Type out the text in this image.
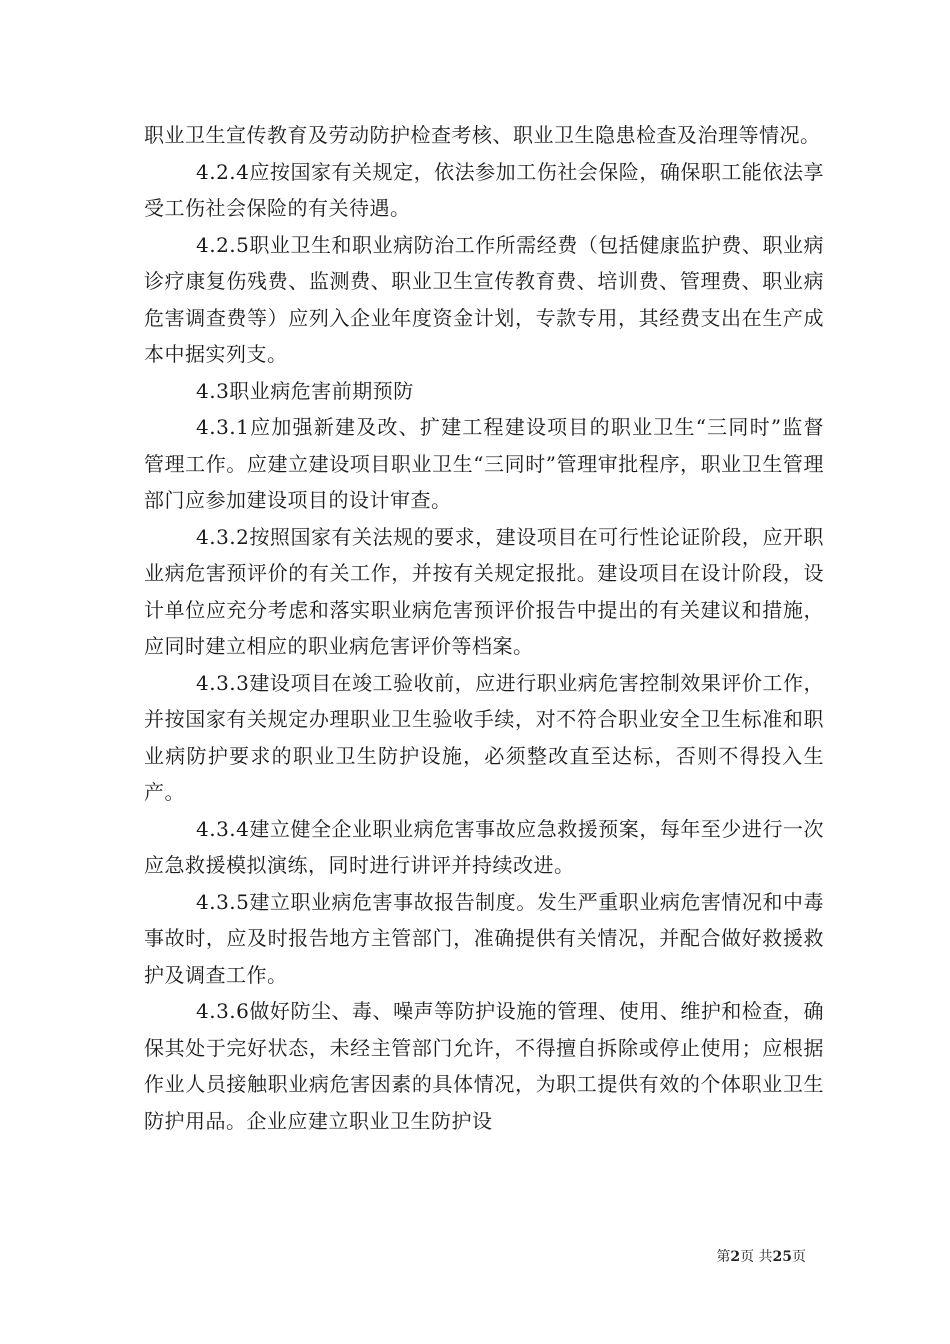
职业卫生宣传教育及劳动防护检查考核、职业卫生隐患检查及治理等情况。

4.2.4应按国家有关规定，依法参加工伤社会保险，确保职工能依法享受工伤社会保险的有关待遇。

4.2.5职业卫生和职业病防治工作所需经费（包括健康监护费、职业病诊疗康复伤残费、监测费、职业卫生宣传教育费、培训费、管理费、职业病危害调查费等）应列入企业年度资金计划，专款专用，其经费支出在生产成本中据实列支。

4.3职业病危害前期预防

4.3.1应加强新建及改、扩建工程建设项目的职业卫生“三同时”监督管理工作。应建立建设项目职业卫生“三同时”管理审批程序，职业卫生管理部门应参加建设项目的设计审查。

4.3.2按照国家有关法规的要求，建设项目在可行性论证阶段，应开职业病危害预评价的有关工作，并按有关规定报批。建设项目在设计阶段，设计单位应充分考虑和落实职业病危害预评价报告中提出的有关建议和措施，应同时建立相应的职业病危害评价等档案。

4.3.3建设项目在竣工验收前，应进行职业病危害控制效果评价工作，并按国家有关规定办理职业卫生验收手续，对不符合职业安全卫生标准和职业病防护要求的职业卫生防护设施，必须整改直至达标，否则不得投入生产。

4.3.4建立健全企业职业病危害事故应急救援预案，每年至少进行一次应急救援模拟演练，同时进行讲评并持续改进。

4.3.5建立职业病危害事故报告制度。发生严重职业病危害情况和中毒事故时，应及时报告地方主管部门，准确提供有关情况，并配合做好救援救护及调查工作。

4.3.6做好防尘、毒、噪声等防护设施的管理、使用、维护和检查，确保其处于完好状态，未经主管部门允许，不得擅自拆除或停止使用；应根据作业人员接触职业病危害因素的具体情况，为职工提供有效的个体职业卫生防护用品。企业应建立职业卫生防护设

第2页 共25页
